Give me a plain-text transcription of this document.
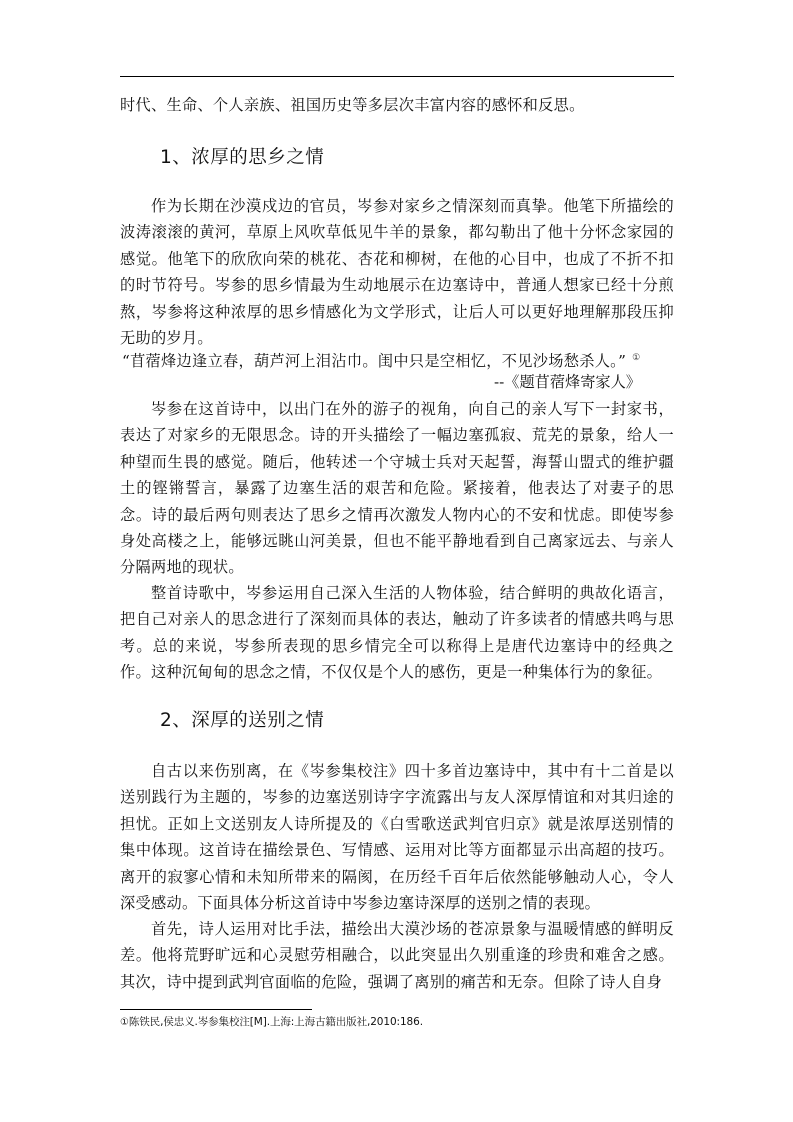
时代、生命、个人亲族、祖国历史等多层次丰富内容的感怀和反思。
1、浓厚的思乡之情

作为长期在沙漠戍边的官员，岑参对家乡之情深刻而真挚。他笔下所描绘的波涛滚滚的黄河，草原上风吹草低见牛羊的景象，都勾勒出了他十分怀念家园的感觉。他笔下的欣欣向荣的桃花、杏花和柳树，在他的心目中，也成了不折不扣的时节符号。岑参的思乡情最为生动地展示在边塞诗中，普通人想家已经十分煎熬，岑参将这种浓厚的思乡情感化为文学形式，让后人可以更好地理解那段压抑无助的岁月。

“苜蓿烽边逢立春，葫芦河上泪沾巾。闺中只是空相忆，不见沙场愁杀人。” ①
--《题苜蓿烽寄家人》

岑参在这首诗中，以出门在外的游子的视角，向自己的亲人写下一封家书，表达了对家乡的无限思念。诗的开头描绘了一幅边塞孤寂、荒芜的景象，给人一种望而生畏的感觉。随后，他转述一个守城士兵对天起誓，海誓山盟式的维护疆土的铿锵誓言，暴露了边塞生活的艰苦和危险。紧接着，他表达了对妻子的思念。诗的最后两句则表达了思乡之情再次激发人物内心的不安和忧虑。即使岑参身处高楼之上，能够远眺山河美景，但也不能平静地看到自己离家远去、与亲人分隔两地的现状。

整首诗歌中，岑参运用自己深入生活的人物体验，结合鲜明的典故化语言，把自己对亲人的思念进行了深刻而具体的表达，触动了许多读者的情感共鸣与思考。总的来说，岑参所表现的思乡情完全可以称得上是唐代边塞诗中的经典之作。这种沉甸甸的思念之情，不仅仅是个人的感伤，更是一种集体行为的象征。

2、深厚的送别之情

自古以来伤别离，在《岑参集校注》四十多首边塞诗中，其中有十二首是以送别践行为主题的，岑参的边塞送别诗字字流露出与友人深厚情谊和对其归途的担忧。正如上文送别友人诗所提及的《白雪歌送武判官归京》就是浓厚送别情的集中体现。这首诗在描绘景色、写情感、运用对比等方面都显示出高超的技巧。离开的寂寥心情和未知所带来的隔阂，在历经千百年后依然能够触动人心，令人深受感动。下面具体分析这首诗中岑参边塞诗深厚的送别之情的表现。

首先，诗人运用对比手法，描绘出大漠沙场的苍凉景象与温暖情感的鲜明反差。他将荒野旷远和心灵慰劳相融合，以此突显出久别重逢的珍贵和难舍之感。其次，诗中提到武判官面临的危险，强调了离别的痛苦和无奈。但除了诗人自身

①陈铁民,侯忠义.岑参集校注[M].上海:上海古籍出版社,2010:186.
